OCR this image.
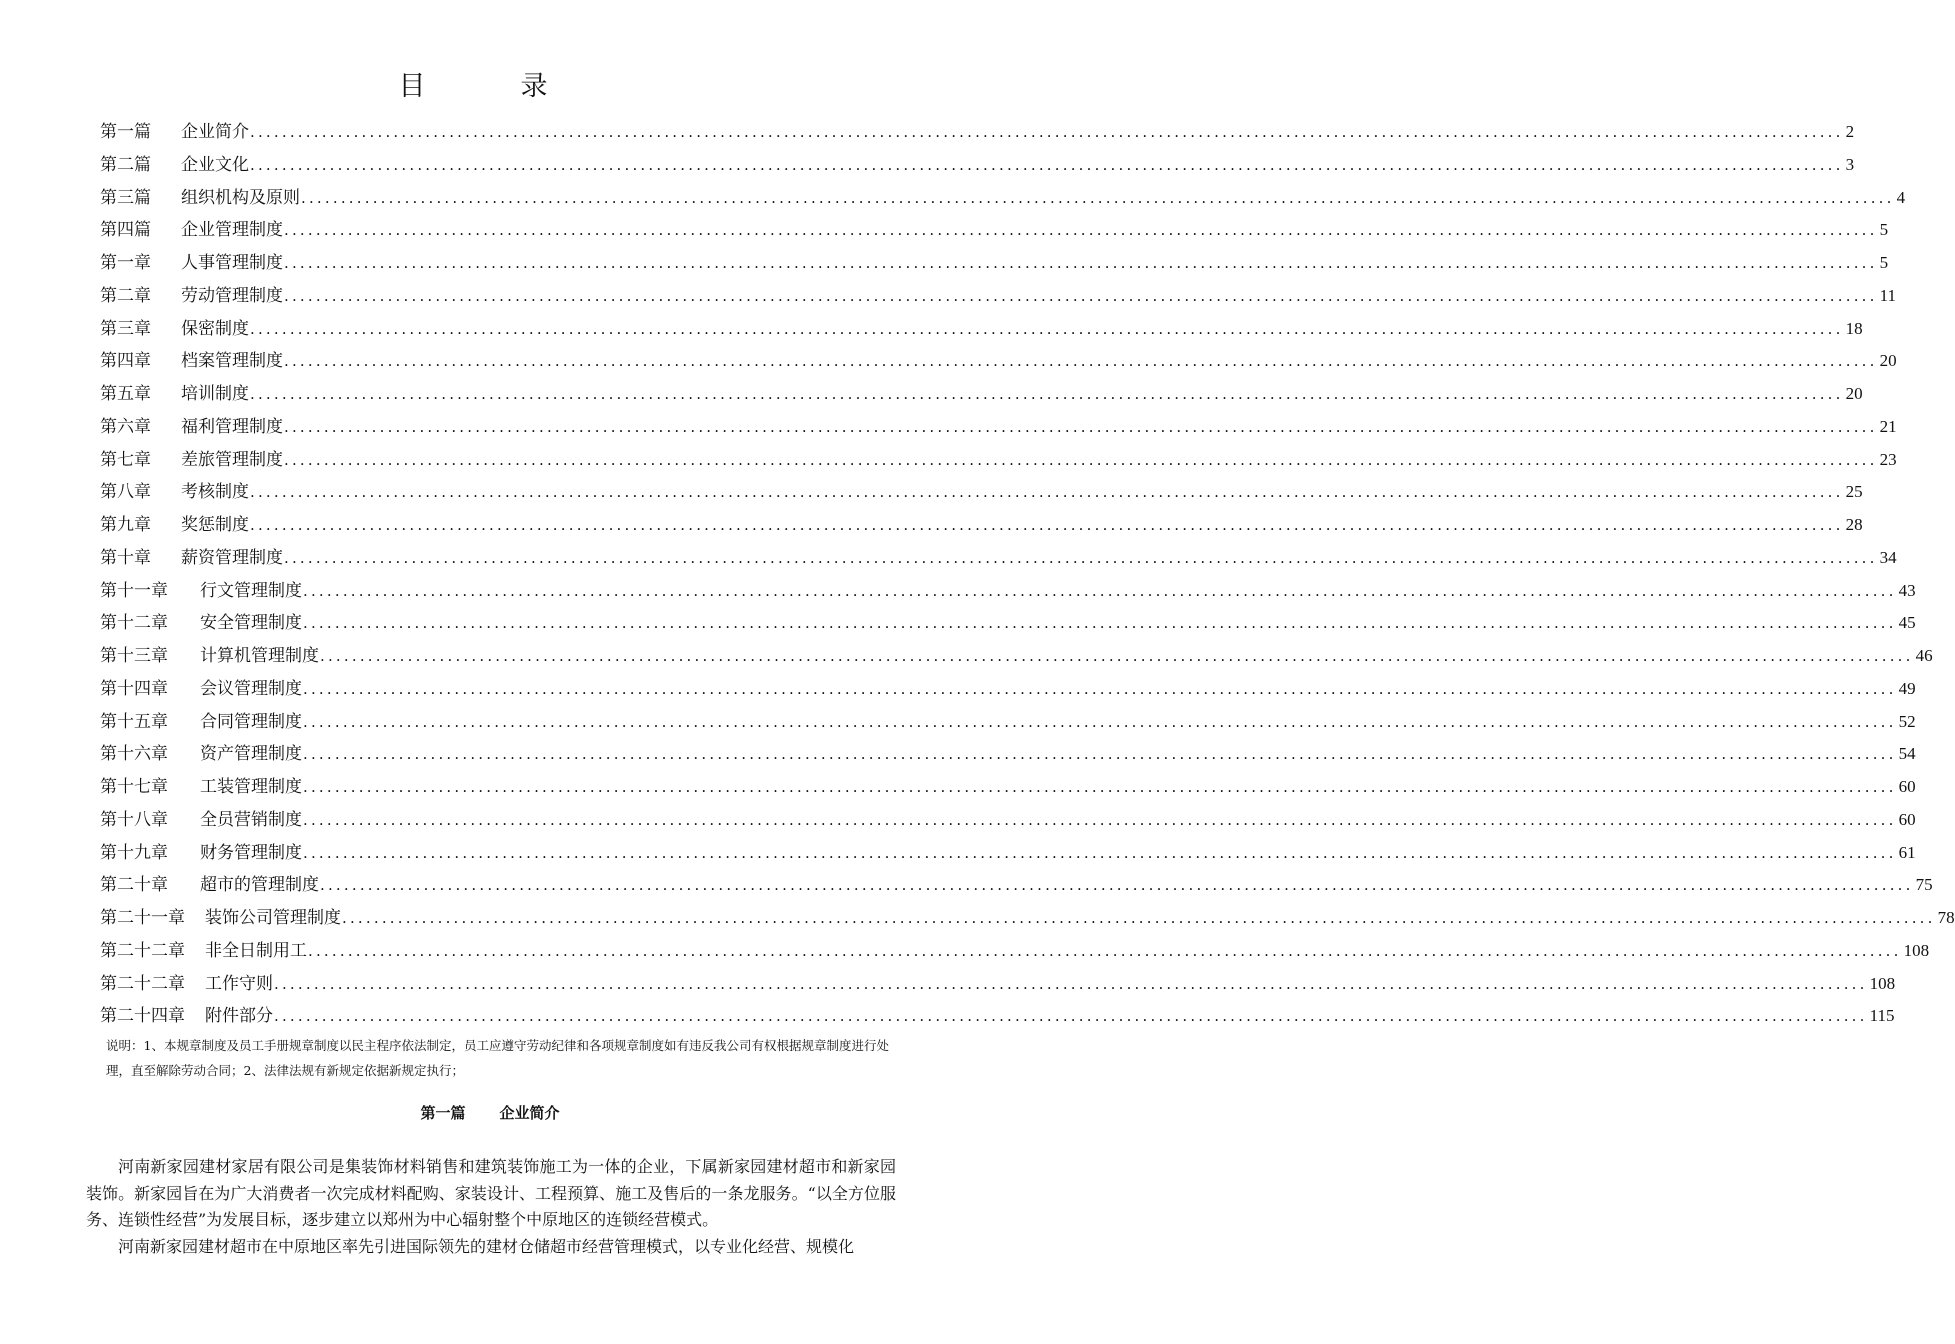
目　录
第一篇 企业简介 ........................................................................................................................................................................................................ 2
第二篇 企业文化 ........................................................................................................................................................................................................ 3
第三篇 组织机构及原则 ........................................................................................................................................................................................................ 4
第四篇 企业管理制度 ........................................................................................................................................................................................................ 5
第一章 人事管理制度 ........................................................................................................................................................................................................ 5
第二章 劳动管理制度 ........................................................................................................................................................................................................ 11
第三章 保密制度 ........................................................................................................................................................................................................ 18
第四章 档案管理制度 ........................................................................................................................................................................................................ 20
第五章 培训制度 ........................................................................................................................................................................................................ 20
第六章 福利管理制度 ........................................................................................................................................................................................................ 21
第七章 差旅管理制度 ........................................................................................................................................................................................................ 23
第八章 考核制度 ........................................................................................................................................................................................................ 25
第九章 奖惩制度 ........................................................................................................................................................................................................ 28
第十章 薪资管理制度 ........................................................................................................................................................................................................ 34
第十一章 行文管理制度 ........................................................................................................................................................................................................ 43
第十二章 安全管理制度 ........................................................................................................................................................................................................ 45
第十三章 计算机管理制度 ........................................................................................................................................................................................................ 46
第十四章 会议管理制度 ........................................................................................................................................................................................................ 49
第十五章 合同管理制度 ........................................................................................................................................................................................................ 52
第十六章 资产管理制度 ........................................................................................................................................................................................................ 54
第十七章 工装管理制度 ........................................................................................................................................................................................................ 60
第十八章 全员营销制度 ........................................................................................................................................................................................................ 60
第十九章 财务管理制度 ........................................................................................................................................................................................................ 61
第二十章 超市的管理制度 ........................................................................................................................................................................................................ 75
第二十一章 装饰公司管理制度 ........................................................................................................................................................................................................ 78
第二十二章 非全日制用工 ........................................................................................................................................................................................................ 108
第二十二章 工作守则 ........................................................................................................................................................................................................ 108
第二十四章 附件部分 ........................................................................................................................................................................................................ 115
说明：1、本规章制度及员工手册规章制度以民主程序依法制定，员工应遵守劳动纪律和各项规章制度如有违反我公司有权根据规章制度进行处理，直至解除劳动合同；2、法律法规有新规定依据新规定执行；
第一篇 企业简介

河南新家园建材家居有限公司是集装饰材料销售和建筑装饰施工为一体的企业，下属新家园建材超市和新家园装饰。新家园旨在为广大消费者一次完成材料配购、家装设计、工程预算、施工及售后的一条龙服务。“以全方位服务、连锁性经营”为发展目标，逐步建立以郑州为中心辐射整个中原地区的连锁经营模式。

河南新家园建材超市在中原地区率先引进国际领先的建材仓储超市经营管理模式，以专业化经营、规模化
